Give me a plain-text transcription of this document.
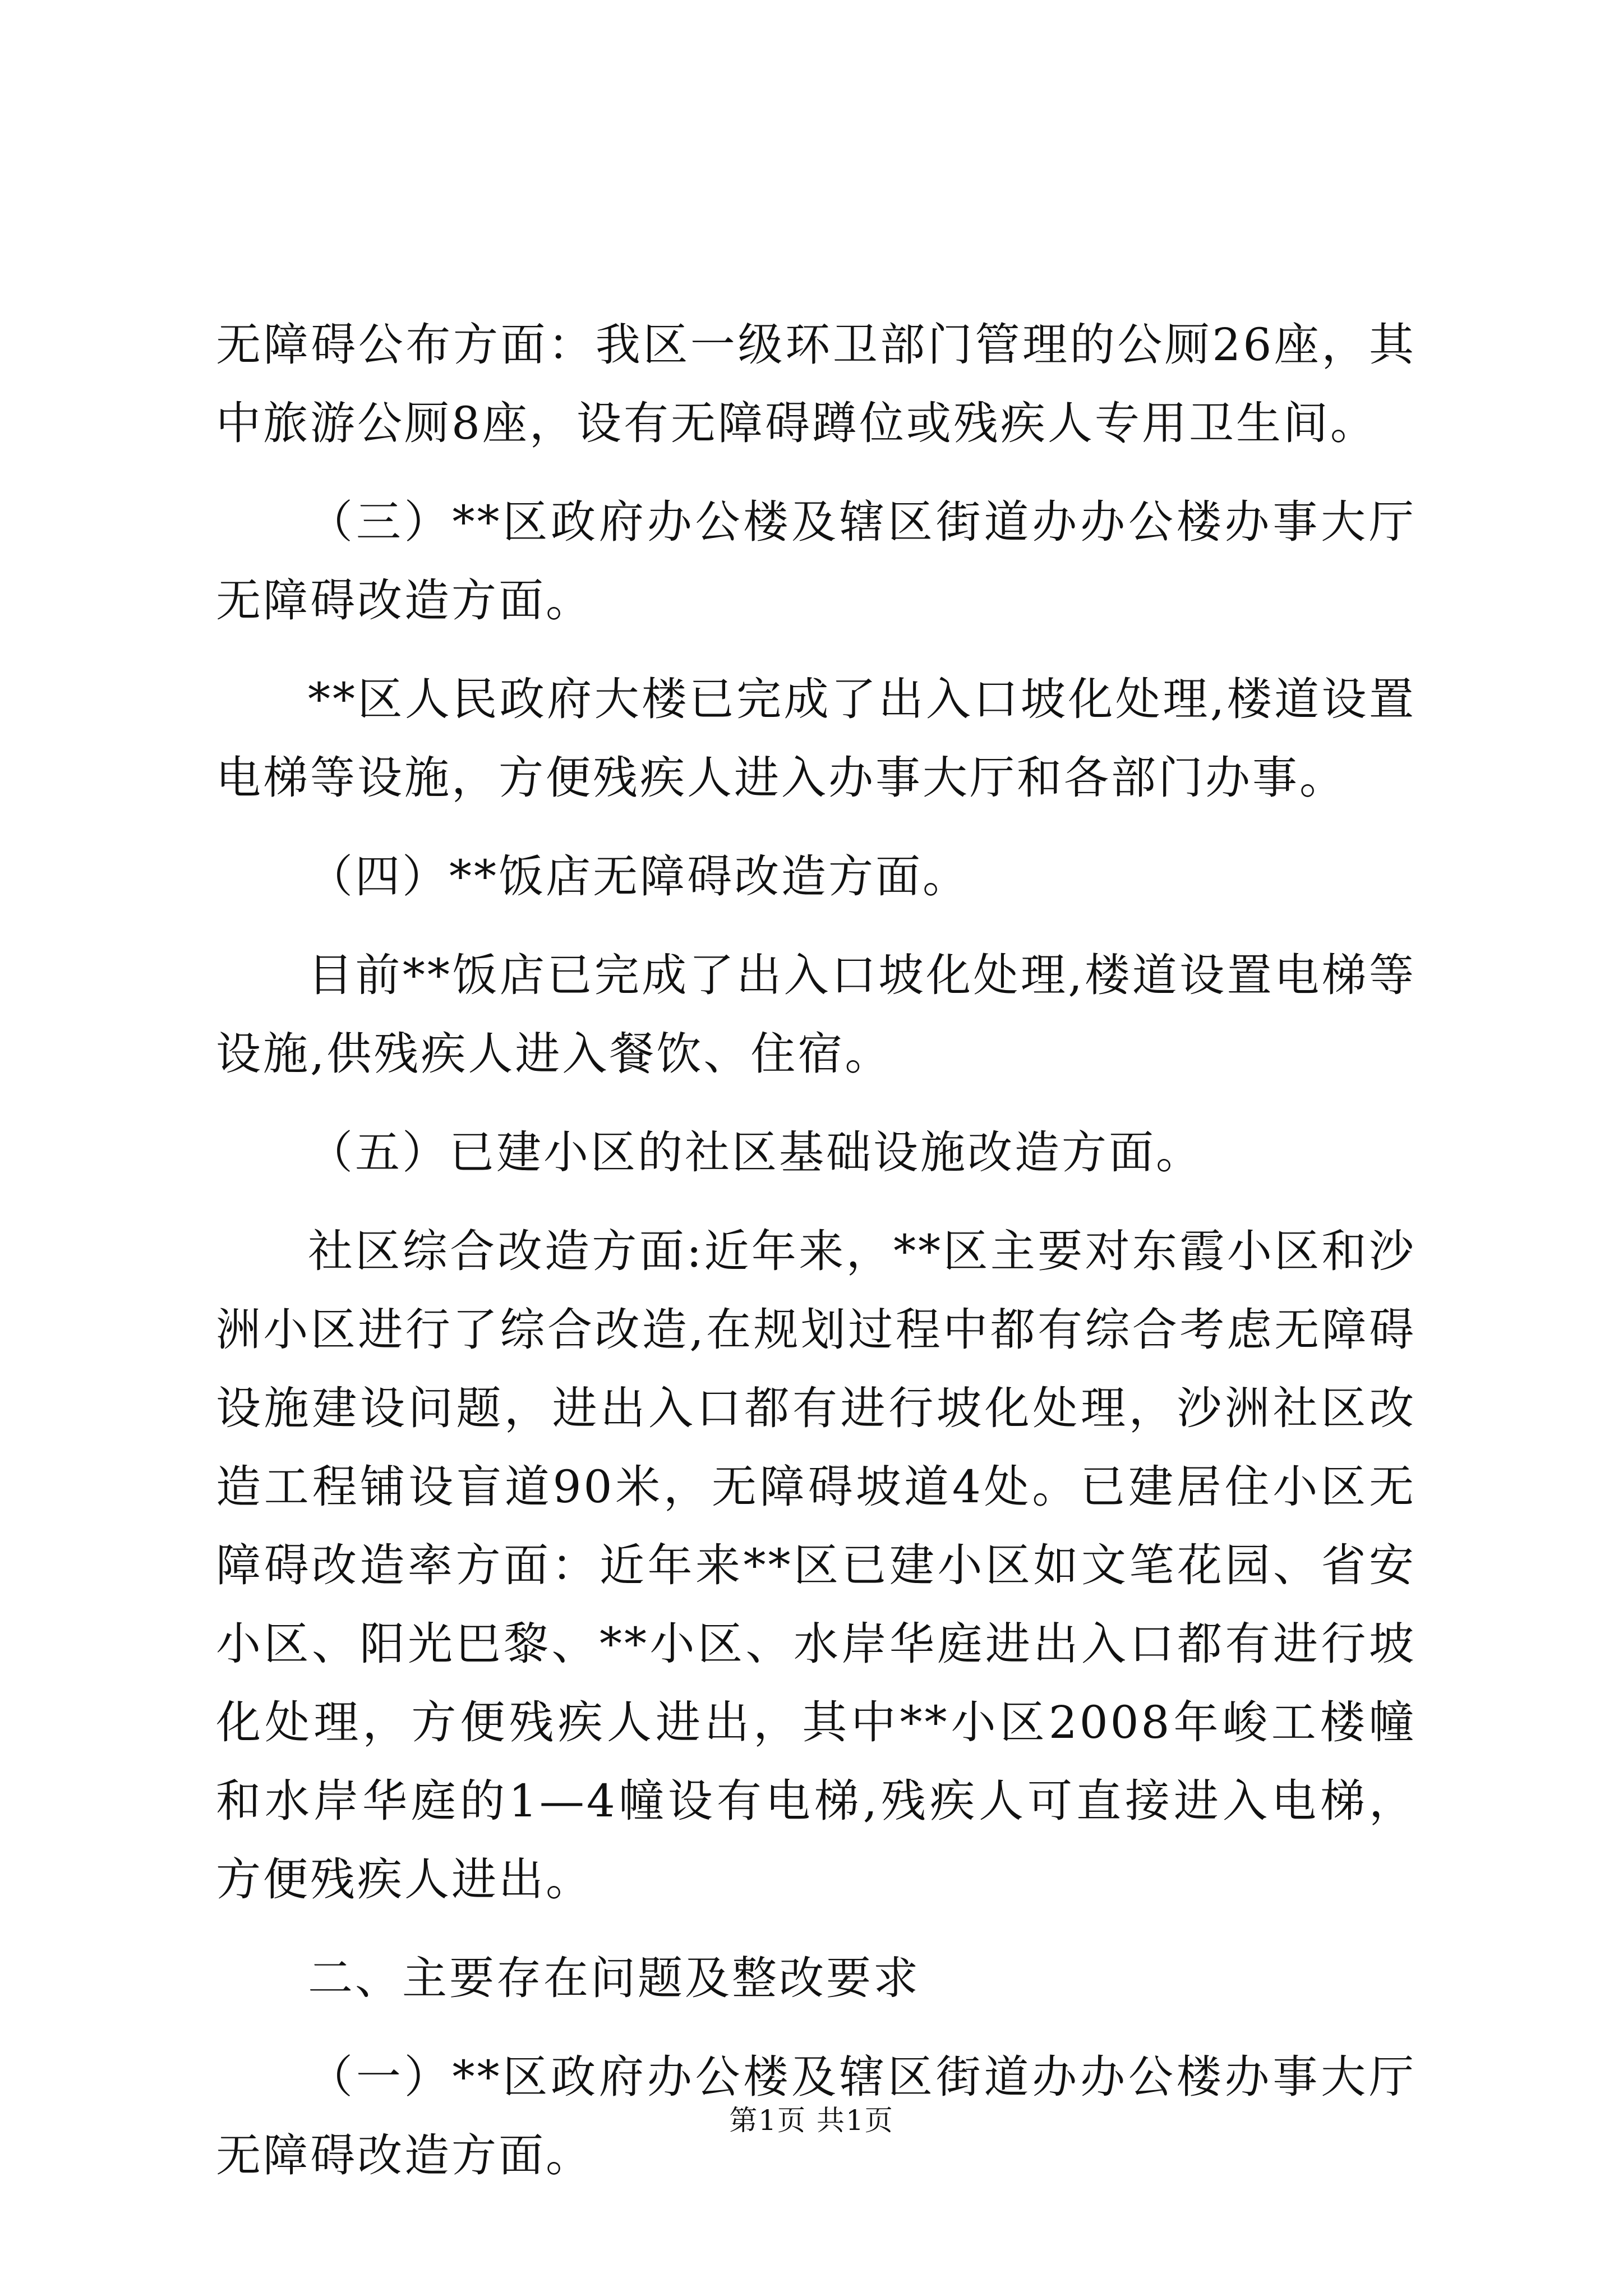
无障碍公布方面：我区一级环卫部门管理的公厕26座，其中旅游公厕8座，设有无障碍蹲位或残疾人专用卫生间。

（三）**区政府办公楼及辖区街道办办公楼办事大厅无障碍改造方面。

**区人民政府大楼已完成了出入口坡化处理,楼道设置电梯等设施，方便残疾人进入办事大厅和各部门办事。

（四）**饭店无障碍改造方面。

目前**饭店已完成了出入口坡化处理,楼道设置电梯等设施,供残疾人进入餐饮、住宿。

（五）已建小区的社区基础设施改造方面。

社区综合改造方面:近年来，**区主要对东霞小区和沙洲小区进行了综合改造,在规划过程中都有综合考虑无障碍设施建设问题，进出入口都有进行坡化处理，沙洲社区改造工程铺设盲道90米，无障碍坡道4处。已建居住小区无障碍改造率方面：近年来**区已建小区如文笔花园、省安小区、阳光巴黎、**小区、水岸华庭进出入口都有进行坡化处理，方便残疾人进出，其中**小区2008年峻工楼幢和水岸华庭的1—4幢设有电梯,残疾人可直接进入电梯，方便残疾人进出。

二、主要存在问题及整改要求

（一）**区政府办公楼及辖区街道办办公楼办事大厅无障碍改造方面。

第1页 共1页
